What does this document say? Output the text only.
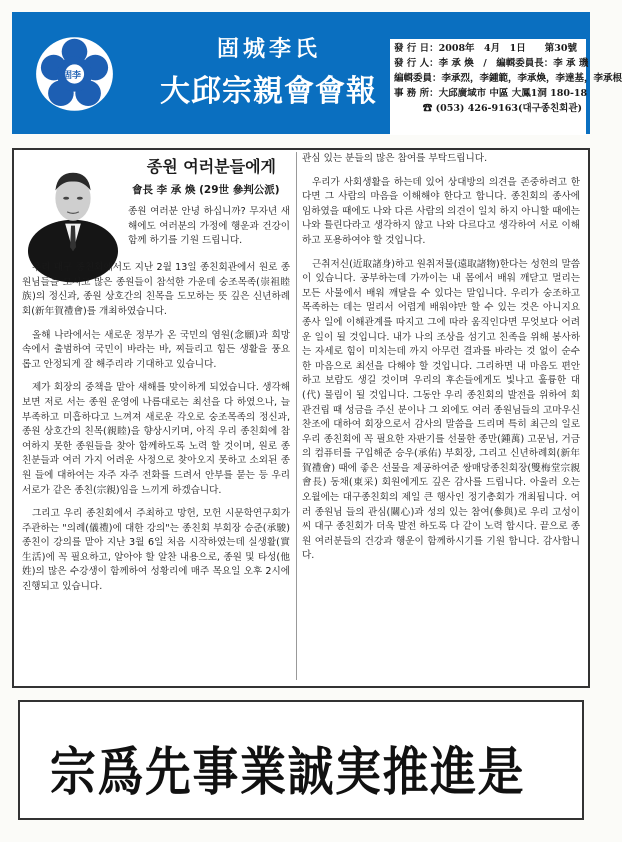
固李
固城李氏
大邱宗親會會報
發 行 日：2008年　4月　1日　　第30號
發 行 人：李 承 煥　/　編輯委員長：李 承 璣
編輯委員：李承烈，李鍾範，李承煥，李達基，李承根
事 務 所：大邱廣域市 中區 大鳳1洞 180-18
☎ (053) 426-9163(대구종친회관)
종원 여러분들에게
會長 李 承 煥 (29世 參判公派)
종원 여러분 안녕 하십니까? 무자년 새해에도 여러분의 가정에 행운과 건강이 함께 하기를 기원 드립니다.

우리 대구 종친회에서도 지난 2월 13일 종친회관에서 원로 종원님들을 모시고 많은 종원들이 참석한 가운데 숭조목족(崇祖睦族)의 정신과, 종원 상호간의 친목을 도모하는 뜻 깊은 신년하례회(新年賀禮會)를 개최하였습니다.

올해 나라에서는 새로운 정부가 온 국민의 염원(念願)과 희망 속에서 출범하여 국민이 바라는 바, 찌들리고 힘든 생활을 풍요롭고 안정되게 잘 해주리라 기대하고 있습니다.

제가 회장의 중책을 맡아 새해를 맞이하게 되었습니다. 생각해 보면 저로 서는 종원 운영에 나름대로는 최선을 다 하였으나, 늘 부족하고 미흡하다고 느껴져 새로운 각오로 숭조목족의 정신과, 종원 상호간의 친목(親睦)을 향상시키며, 아직 우리 종친회에 참여하지 못한 종원들을 찾아 함께하도록 노력 할 것이며, 원로 종친분들과 여러 가지 어려운 사정으로 찾아오지 못하고 소외된 종원 들에 대하여는 자주 자주 전화를 드려서 안부를 묻는 등 우리 서로가 같은 종친(宗親)임을 느끼게 하겠습니다.

그리고 우리 종친회에서 주최하고 망헌, 모헌 시문학연구회가 주관하는 "의례(儀禮)에 대한 강의"는 종친회 부회장 승준(承駿) 종친이 강의를 맡아 지난 3월 6일 처음 시작하였는데 실생활(實生活)에 꼭 필요하고, 알아야 할 알찬 내용으로, 종원 및 타성(他姓)의 많은 수강생이 함께하여 성황리에 매주 목요일 오후 2시에 진행되고 있습니다.

관심 있는 분들의 많은 참여를 부탁드립니다.

우리가 사회생활을 하는데 있어 상대방의 의견을 존중하려고 한다면 그 사람의 마음을 이해해야 한다고 합니다. 종친회의 종사에 임하였을 때에도 나와 다른 사람의 의견이 일치 하지 아니할 때에는 나와 틀린다라고 생각하지 않고 나와 다르다고 생각하여 서로 이해하고 포용하여야 할 것입니다.

근취저신(近取諸身)하고 원취저물(遠取諸物)한다는 성현의 말씀이 있습니다. 공부하는데 가까이는 내 몸에서 배워 깨닫고 멀리는 모든 사물에서 배워 깨달을 수 있다는 말입니다. 우리가 숭조하고 목족하는 데는 멀리서 어렵게 배워야만 할 수 있는 것은 아니지요 종사 일에 이해관계를 따지고 그에 따라 움직인다면 무엇보다 어려운 일이 될 것입니다. 내가 나의 조상을 섬기고 친족을 위해 봉사하는 자세로 힘이 미치는데 까지 아무런 결과를 바라는 것 없이 순수한 마음으로 최선을 다해야 할 것입니다. 그리하면 내 마음도 편안하고 보람도 생길 것이며 우리의 후손들에게도 빛나고 훌륭한 대(代) 물림이 될 것입니다. 그동안 우리 종친회의 발전을 위하여 회관건립 때 성금을 주신 분이나 그 외에도 여러 종원님들의 고마우신 찬조에 대하여 회장으로서 감사의 말씀을 드리며 특히 최근의 일로 우리 종친회에 꼭 필요한 자판기를 선물한 종만(鍾萬) 고문님, 거금의 컴퓨터를 구입해준 승우(承佑) 부회장, 그리고 신년하례회(新年賀禮會) 때에 좋은 선물을 제공하여준 쌍매당종친회장(雙梅堂宗親會長) 동채(東采) 회원에게도 깊은 감사를 드립니다. 아울러 오는 오월에는 대구종친회의 제일 큰 행사인 정기총회가 개최됩니다. 여러 종원님 들의 관심(關心)과 성의 있는 참여(參與)로 우리 고성이씨 대구 종친회가 더욱 발전 하도록 다 같이 노력 합시다. 끝으로 종원 여러분들의 건강과 행운이 함께하시기를 기원 합니다. 감사합니다.

宗爲先事業誠実推進是
